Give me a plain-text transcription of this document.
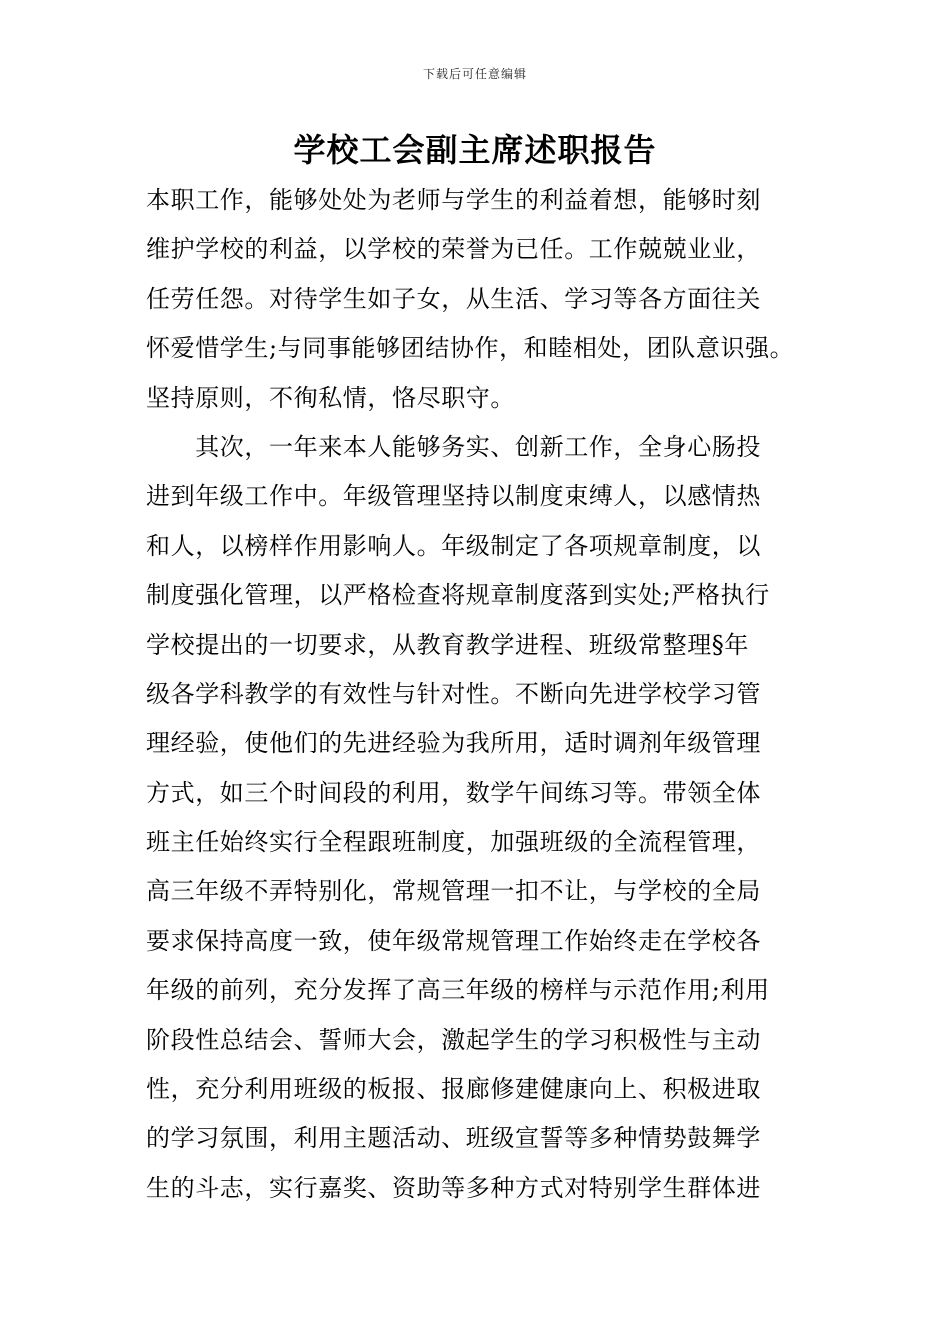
下载后可任意编辑
学校工会副主席述职报告
本职工作，能够处处为老师与学生的利益着想，能够时刻
维护学校的利益，以学校的荣誉为已任。工作兢兢业业，
任劳任怨。对待学生如子女，从生活、学习等各方面往关
怀爱惜学生;与同事能够团结协作，和睦相处，团队意识强。
坚持原则，不徇私情，恪尽职守。
　　其次，一年来本人能够务实、创新工作，全身心肠投
进到年级工作中。年级管理坚持以制度束缚人，以感情热
和人，以榜样作用影响人。年级制定了各项规章制度，以
制度强化管理，以严格检查将规章制度落到实处;严格执行
学校提出的一切要求，从教育教学进程、班级常整理§年
级各学科教学的有效性与针对性。不断向先进学校学习管
理经验，使他们的先进经验为我所用，适时调剂年级管理
方式，如三个时间段的利用，数学午间练习等。带领全体
班主任始终实行全程跟班制度，加强班级的全流程管理，
高三年级不弄特别化，常规管理一扣不让，与学校的全局
要求保持高度一致，使年级常规管理工作始终走在学校各
年级的前列，充分发挥了高三年级的榜样与示范作用;利用
阶段性总结会、誓师大会，激起学生的学习积极性与主动
性，充分利用班级的板报、报廊修建健康向上、积极进取
的学习氛围，利用主题活动、班级宣誓等多种情势鼓舞学
生的斗志，实行嘉奖、资助等多种方式对特别学生群体进
